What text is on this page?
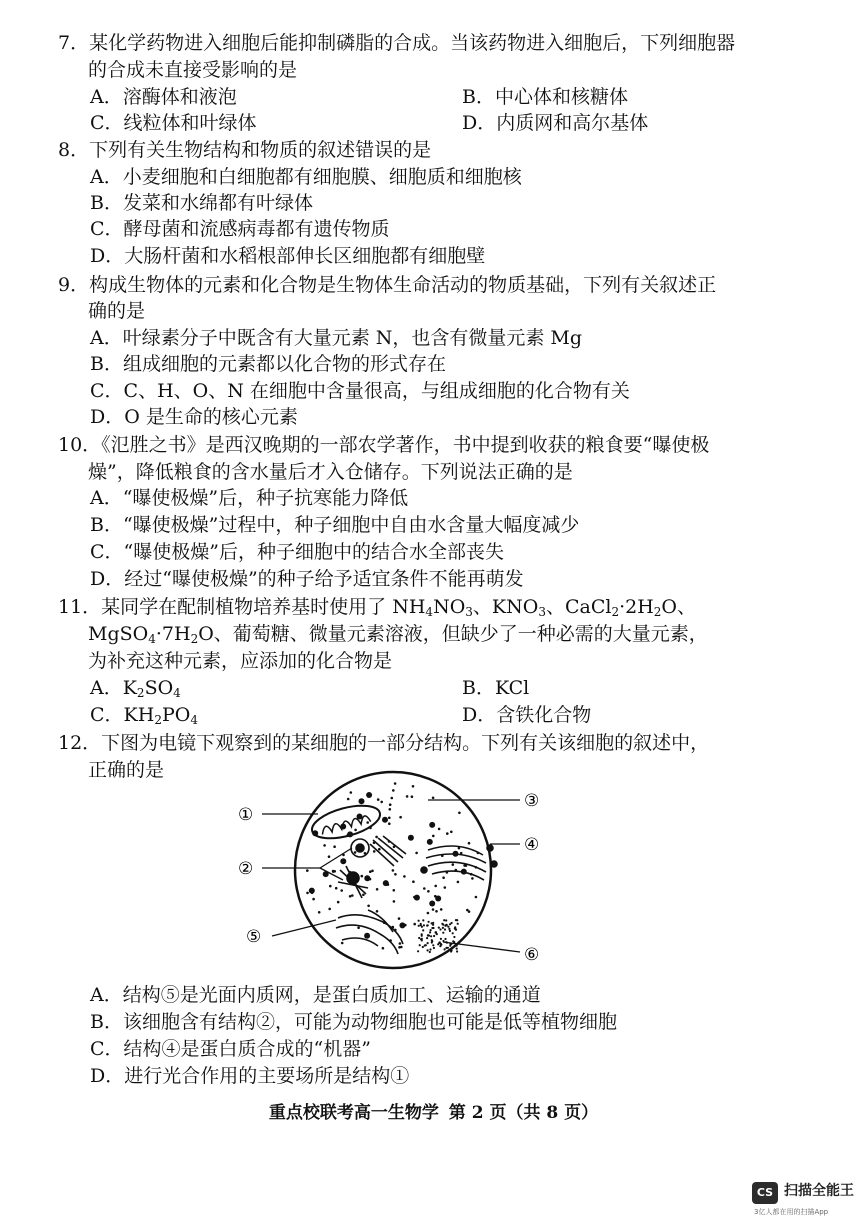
7．某化学药物进入细胞后能抑制磷脂的合成。当该药物进入细胞后，下列细胞器
的合成未直接受影响的是
A．溶酶体和液泡	B．中心体和核糖体
C．线粒体和叶绿体	D．内质网和高尔基体
8．下列有关生物结构和物质的叙述错误的是
A．小麦细胞和白细胞都有细胞膜、细胞质和细胞核
B．发菜和水绵都有叶绿体
C．酵母菌和流感病毒都有遗传物质
D．大肠杆菌和水稻根部伸长区细胞都有细胞壁
9．构成生物体的元素和化合物是生物体生命活动的物质基础，下列有关叙述正
确的是
A．叶绿素分子中既含有大量元素 N，也含有微量元素 Mg
B．组成细胞的元素都以化合物的形式存在
C．C、H、O、N 在细胞中含量很高，与组成细胞的化合物有关
D．O 是生命的核心元素
10．《氾胜之书》是西汉晚期的一部农学著作，书中提到收获的粮食要“曝使极
燥”，降低粮食的含水量后才入仓储存。下列说法正确的是
A．“曝使极燥”后，种子抗寒能力降低
B．“曝使极燥”过程中，种子细胞中自由水含量大幅度减少
C．“曝使极燥”后，种子细胞中的结合水全部丧失
D．经过“曝使极燥”的种子给予适宜条件不能再萌发
11．某同学在配制植物培养基时使用了 $NH_4NO_3$、$KNO_3$、$CaCl_2\cdot 2H_2O$、
$MgSO_4\cdot 7H_2O$、葡萄糖、微量元素溶液，但缺少了一种必需的大量元素，
为补充这种元素，应添加的化合物是
A．$K_2SO_4$	B．KCl
C．$KH_2PO_4$	D．含铁化合物
12．下图为电镜下观察到的某细胞的一部分结构。下列有关该细胞的叙述中，
正确的是
①
②
③
④
⑤
⑥
A．结构⑤是光面内质网，是蛋白质加工、运输的通道
B．该细胞含有结构②，可能为动物细胞也可能是低等植物细胞
C．结构④是蛋白质合成的“机器”
D．进行光合作用的主要场所是结构①
重点校联考高一生物学 第 2 页（共 8 页）
CS 扫描全能王
3亿人都在用的扫描App
